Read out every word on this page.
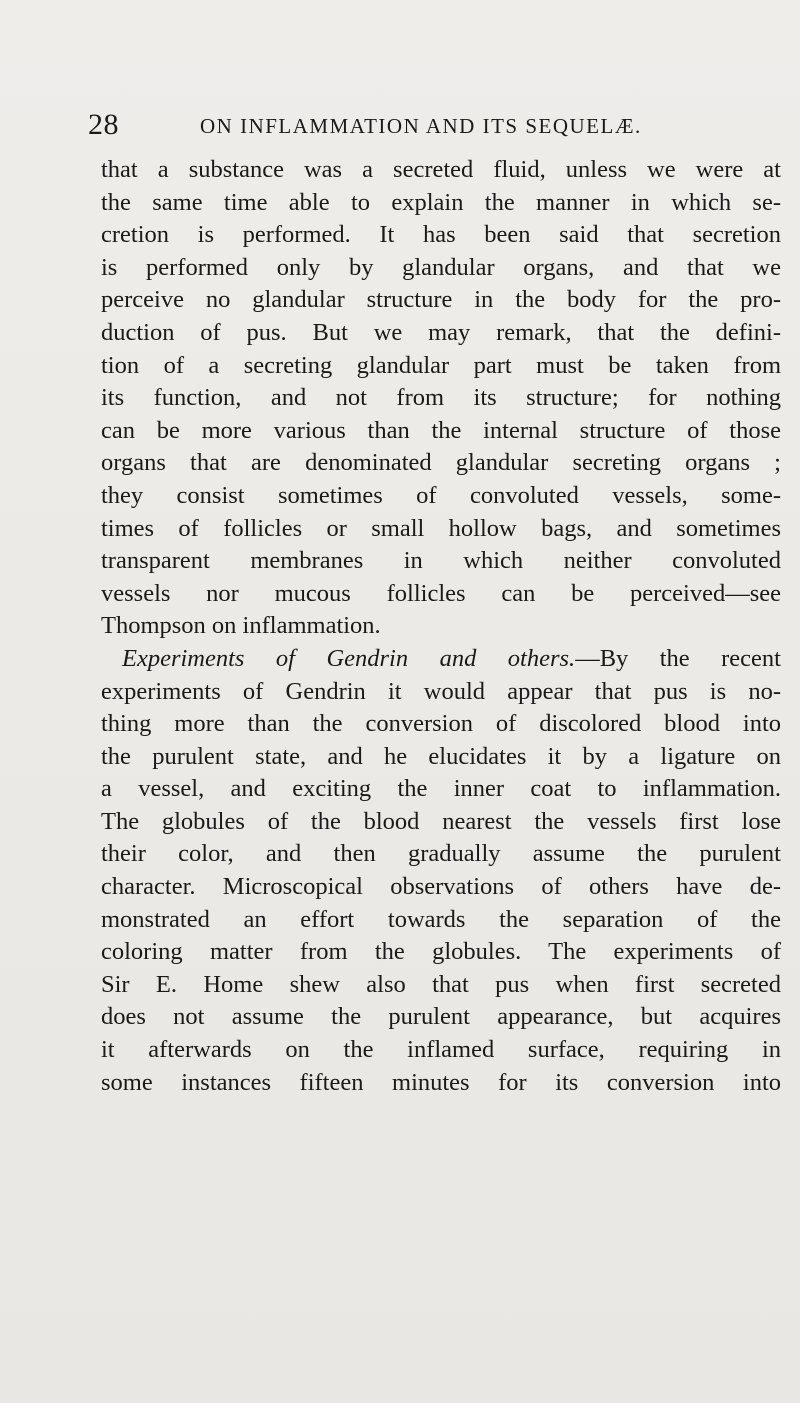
28	ON INFLAMMATION AND ITS SEQUELÆ.
that a substance was a secreted fluid, unless we were at
the same time able to explain the manner in which se-
cretion is performed. It has been said that secretion
is performed only by glandular organs, and that we
perceive no glandular structure in the body for the pro-
duction of pus. But we may remark, that the defini-
tion of a secreting glandular part must be taken from
its function, and not from its structure; for nothing
can be more various than the internal structure of those
organs that are denominated glandular secreting organs ;
they consist sometimes of convoluted vessels, some-
times of follicles or small hollow bags, and sometimes
transparent membranes in which neither convoluted
vessels nor mucous follicles can be perceived—see
Thompson on inflammation.
Experiments of Gendrin and others.—By the recent
experiments of Gendrin it would appear that pus is no-
thing more than the conversion of discolored blood into
the purulent state, and he elucidates it by a ligature on
a vessel, and exciting the inner coat to inflammation.
The globules of the blood nearest the vessels first lose
their color, and then gradually assume the purulent
character. Microscopical observations of others have de-
monstrated an effort towards the separation of the
coloring matter from the globules. The experiments of
Sir E. Home shew also that pus when first secreted
does not assume the purulent appearance, but acquires
it afterwards on the inflamed surface, requiring in
some instances fifteen minutes for its conversion into
